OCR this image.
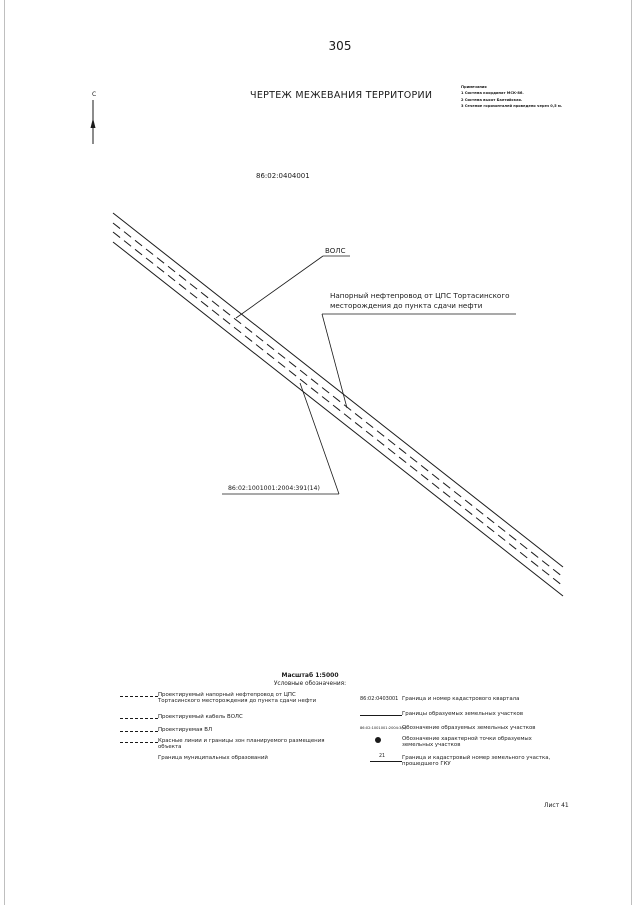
305
ЧЕРТЕЖ МЕЖЕВАНИЯ ТЕРРИТОРИИ
Примечания
1 Система координат МСК-86.
2 Система высот Балтийская.
3 Сечение горизонталей проведено через 0,5 м.
С
86:02:0404001
ВОЛС
Напорный нефтепровод от ЦПС Тортасинского
месторождения до пункта сдачи нефти
86:02:1001001:2004:391(14)
Масштаб 1:5000
Условные обозначения:
Проектируемый напорный нефтепровод от ЦПС Тортасинского месторождения до пункта сдачи нефти
Проектируемый кабель ВОЛС
Проектируемая ВЛ
Красные линии и границы зон планируемого размещения объекта
Граница муниципальных образований
86:02:0403001 Граница и номер кадастрового квартала
Границы образуемых земельных участков
86:02:1001001:2004:3(n)
Обозначение образуемых земельных участков
Обозначение характерной точки образуемых земельных участков
21	Граница и кадастровый номер земельного участка, прошедшего ГКУ
Лист 41
